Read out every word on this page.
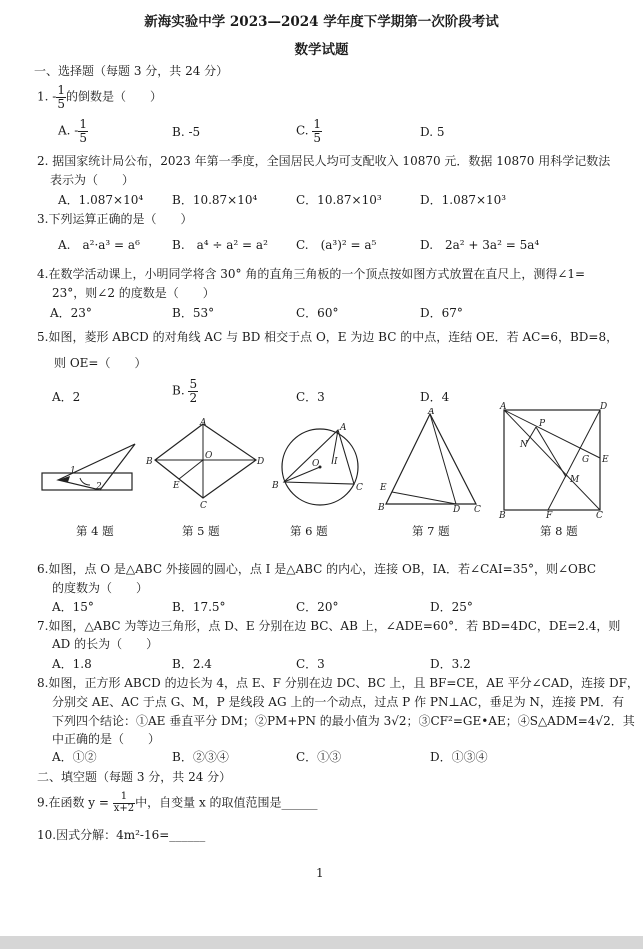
新海实验中学 2023—2024 学年度下学期第一次阶段考试
数学试题
一、选择题（每题 3 分，共 24 分）
1. - $\frac{1}{5}$ 的倒数是（　　）
A. - $\frac{1}{5}$	B. -5	C. $\frac{1}{5}$	D. 5
2. 据国家统计局公布，2023 年第一季度，全国居民人均可支配收入 10870 元．数据 10870 用科学记数法
表示为（　　）
A．1.087×10⁴ B．10.87×10⁴	C．10.87×10³	D．1.087×10³
3.下列运算正确的是（　　）
A.　a²·a³ = a⁶	B.　a⁴ ÷ a² = a² C.　(a³)² = a⁵	D.　2a² + 3a² = 5a⁴
4.在数学活动课上，小明同学将含 30° 角的直角三角板的一个顶点按如图方式放置在直尺上，测得∠1=
23°，则∠2 的度数是（　　）
A．23°	B．53°	C．60°	D．67°
5.如图，菱形 ABCD 的对角线 AC 与 BD 相交于点 O，E 为边 BC 的中点，连结 OE．若 AC=6，BD=8，
则 OE=（　　）
A．2	B. $\frac{5}{2}$	C．3	D．4
1
2
A
B
C
D
E
O
A
B	C
O I
A
B	C
D
E
A	D
B	C
E
F
G
M
N
P
第 4 题	第 5 题	第 6 题	第 7 题	第 8 题
6.如图，点 O 是△ABC 外接圆的圆心，点 I 是△ABC 的内心，连接 OB，IA．若∠CAI=35°，则∠OBC
的度数为（　　）
A．15°	B．17.5°	C．20°	D．25°
7.如图，△ABC 为等边三角形，点 D、E 分别在边 BC、AB 上，∠ADE=60°．若 BD=4DC，DE=2.4，则
AD 的长为（　　）
A．1.8	B．2.4	C．3	D．3.2
8.如图，正方形 ABCD 的边长为 4，点 E、F 分别在边 DC、BC 上，且 BF=CE，AE 平分∠CAD，连接 DF，
分别交 AE、AC 于点 G、M，P 是线段 AG 上的一个动点，过点 P 作 PN⊥AC，垂足为 N，连接 PM．有
下列四个结论：①AE 垂直平分 DM；②PM+PN 的最小值为 3√2；③CF²=GE•AE；④S△ADM=4√2．其
中正确的是（　　）
A．①②	B．②③④	C．①③	D．①③④
二、填空题（每题 3 分，共 24 分）
9.在函数 $y = \frac{1}{x+2}$ 中，自变量 x 的取值范围是______
10.因式分解：4m²-16=______
1
